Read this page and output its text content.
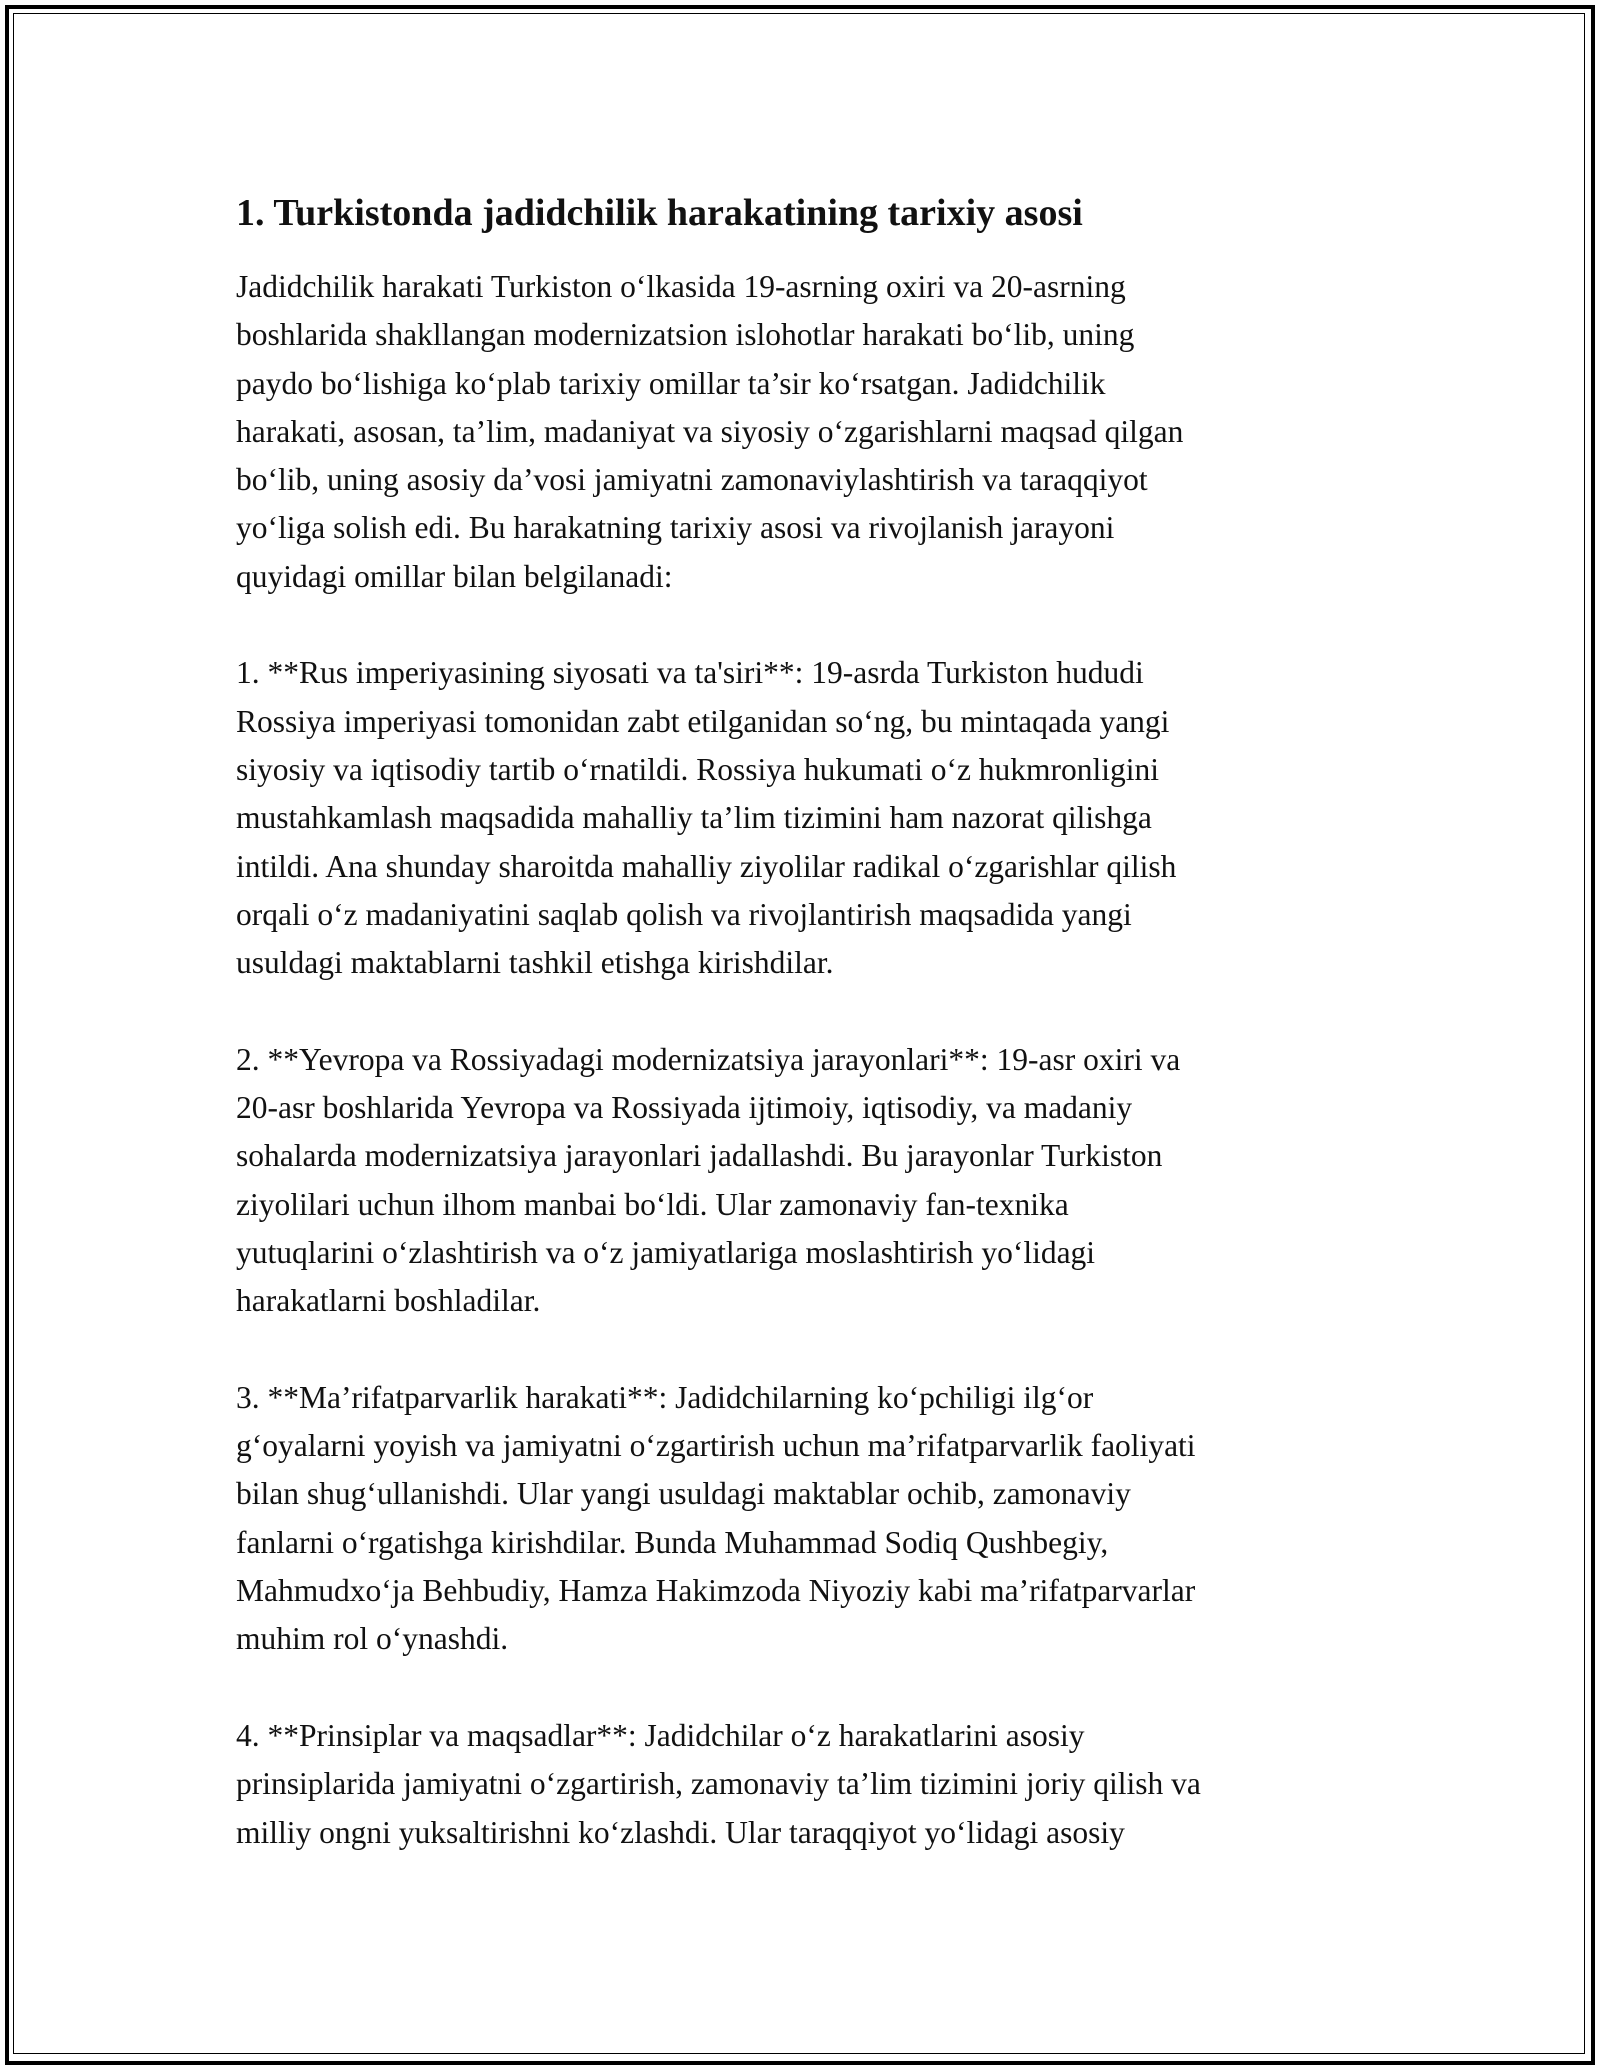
1. Turkistonda jadidchilik harakatining tarixiy asosi

Jadidchilik harakati Turkiston o‘lkasida 19-asrning oxiri va 20-asrning
boshlarida shakllangan modernizatsion islohotlar harakati bo‘lib, uning
paydo bo‘lishiga ko‘plab tarixiy omillar ta’sir ko‘rsatgan. Jadidchilik
harakati, asosan, ta’lim, madaniyat va siyosiy o‘zgarishlarni maqsad qilgan
bo‘lib, uning asosiy da’vosi jamiyatni zamonaviylashtirish va taraqqiyot
yo‘liga solish edi. Bu harakatning tarixiy asosi va rivojlanish jarayoni
quyidagi omillar bilan belgilanadi:

1. **Rus imperiyasining siyosati va ta'siri**: 19-asrda Turkiston hududi
Rossiya imperiyasi tomonidan zabt etilganidan so‘ng, bu mintaqada yangi
siyosiy va iqtisodiy tartib o‘rnatildi. Rossiya hukumati o‘z hukmronligini
mustahkamlash maqsadida mahalliy ta’lim tizimini ham nazorat qilishga
intildi. Ana shunday sharoitda mahalliy ziyolilar radikal o‘zgarishlar qilish
orqali o‘z madaniyatini saqlab qolish va rivojlantirish maqsadida yangi
usuldagi maktablarni tashkil etishga kirishdilar.

2. **Yevropa va Rossiyadagi modernizatsiya jarayonlari**: 19-asr oxiri va
20-asr boshlarida Yevropa va Rossiyada ijtimoiy, iqtisodiy, va madaniy
sohalarda modernizatsiya jarayonlari jadallashdi. Bu jarayonlar Turkiston
ziyolilari uchun ilhom manbai bo‘ldi. Ular zamonaviy fan-texnika
yutuqlarini o‘zlashtirish va o‘z jamiyatlariga moslashtirish yo‘lidagi
harakatlarni boshladilar.

3. **Ma’rifatparvarlik harakati**: Jadidchilarning ko‘pchiligi ilg‘or
g‘oyalarni yoyish va jamiyatni o‘zgartirish uchun ma’rifatparvarlik faoliyati
bilan shug‘ullanishdi. Ular yangi usuldagi maktablar ochib, zamonaviy
fanlarni o‘rgatishga kirishdilar. Bunda Muhammad Sodiq Qushbegiy,
Mahmudxo‘ja Behbudiy, Hamza Hakimzoda Niyoziy kabi ma’rifatparvarlar
muhim rol o‘ynashdi.

4. **Prinsiplar va maqsadlar**: Jadidchilar o‘z harakatlarini asosiy
prinsiplarida jamiyatni o‘zgartirish, zamonaviy ta’lim tizimini joriy qilish va
milliy ongni yuksaltirishni ko‘zlashdi. Ular taraqqiyot yo‘lidagi asosiy
